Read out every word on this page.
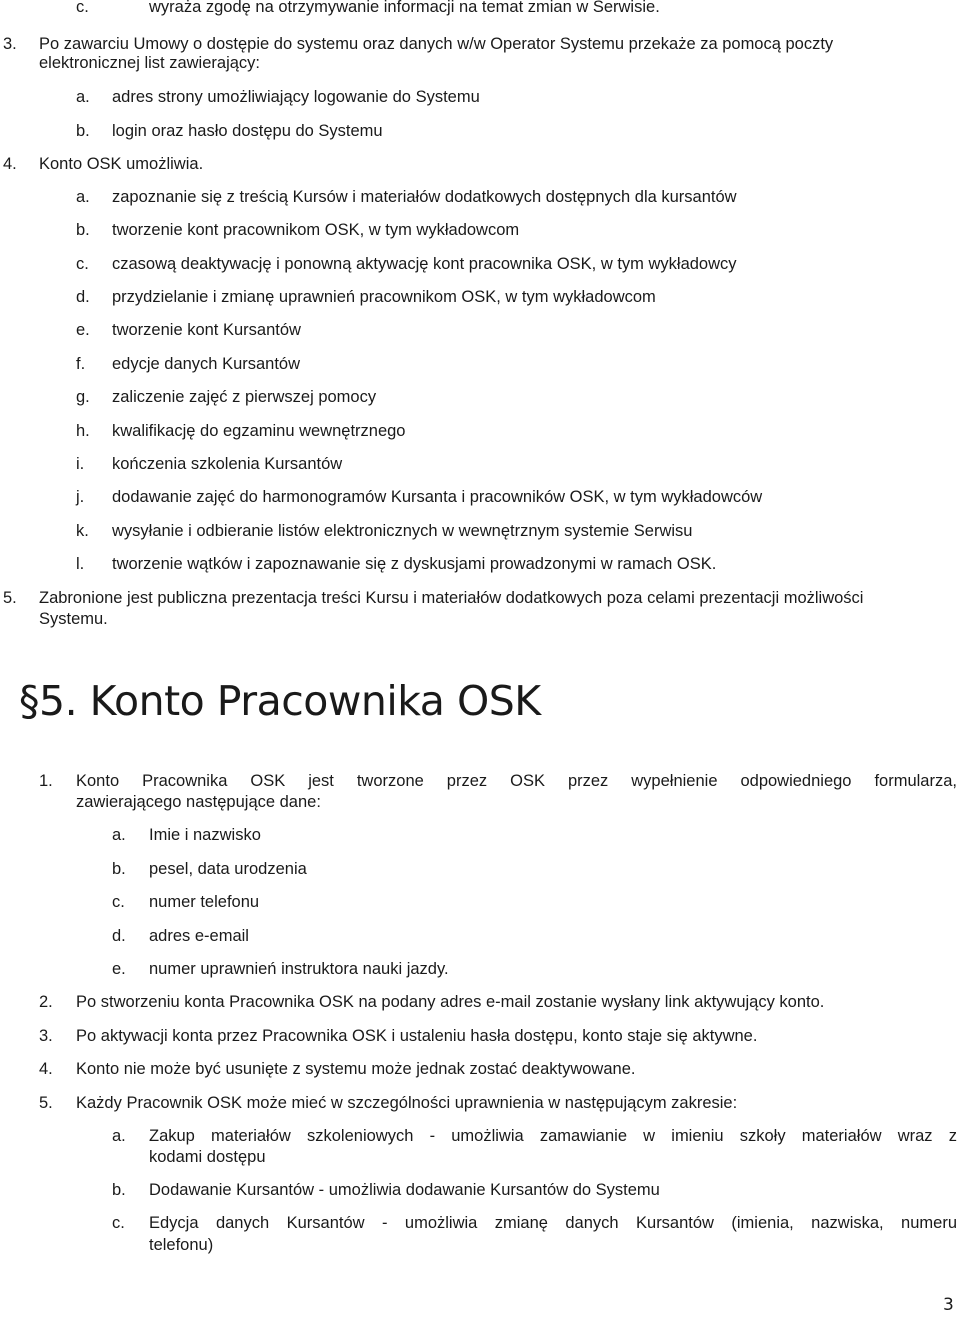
c.	wyraża zgodę na otrzymywanie informacji na temat zmian w Serwisie.
3. Po zawarciu Umowy o dostępie do systemu oraz danych w/w Operator Systemu przekaże za pomocą poczty
elektronicznej list zawierający:
a. adres strony umożliwiający logowanie do Systemu
b. login oraz hasło dostępu do Systemu
4. Konto OSK umożliwia.
a. zapoznanie się z treścią Kursów i materiałów dodatkowych dostępnych dla kursantów
b. tworzenie kont pracownikom OSK, w tym wykładowcom
c. czasową deaktywację i ponowną aktywację kont pracownika OSK, w tym wykładowcy
d. przydzielanie i zmianę uprawnień pracownikom OSK, w tym wykładowcom
e. tworzenie kont Kursantów
f. edycje danych Kursantów
g. zaliczenie zajęć z pierwszej pomocy
h. kwalifikację do egzaminu wewnętrznego
i. kończenia szkolenia Kursantów
j. dodawanie zajęć do harmonogramów Kursanta i pracowników OSK, w tym wykładowców
k. wysyłanie i odbieranie listów elektronicznych w wewnętrznym systemie Serwisu
l. tworzenie wątków i zapoznawanie się z dyskusjami prowadzonymi w ramach OSK.
5. Zabronione jest publiczna prezentacja treści Kursu i materiałów dodatkowych poza celami prezentacji możliwości
Systemu.
§5. Konto Pracownika OSK
1. Konto Pracownika OSK jest tworzone przez OSK przez wypełnienie odpowiedniego formularza,
zawierającego następujące dane:
a. Imie i nazwisko
b. pesel, data urodzenia
c. numer telefonu
d. adres e-email
e. numer uprawnień instruktora nauki jazdy.
2. Po stworzeniu konta Pracownika OSK na podany adres e-mail zostanie wysłany link aktywujący konto.
3. Po aktywacji konta przez Pracownika OSK i ustaleniu hasła dostępu, konto staje się aktywne.
4. Konto nie może być usunięte z systemu może jednak zostać deaktywowane.
5. Każdy Pracownik OSK może mieć w szczególności uprawnienia w następującym zakresie:
a. Zakup materiałów szkoleniowych - umożliwia zamawianie w imieniu szkoły materiałów wraz z
kodami dostępu
b. Dodawanie Kursantów - umożliwia dodawanie Kursantów do Systemu
c. Edycja danych Kursantów - umożliwia zmianę danych Kursantów (imienia, nazwiska, numeru
telefonu)
3
